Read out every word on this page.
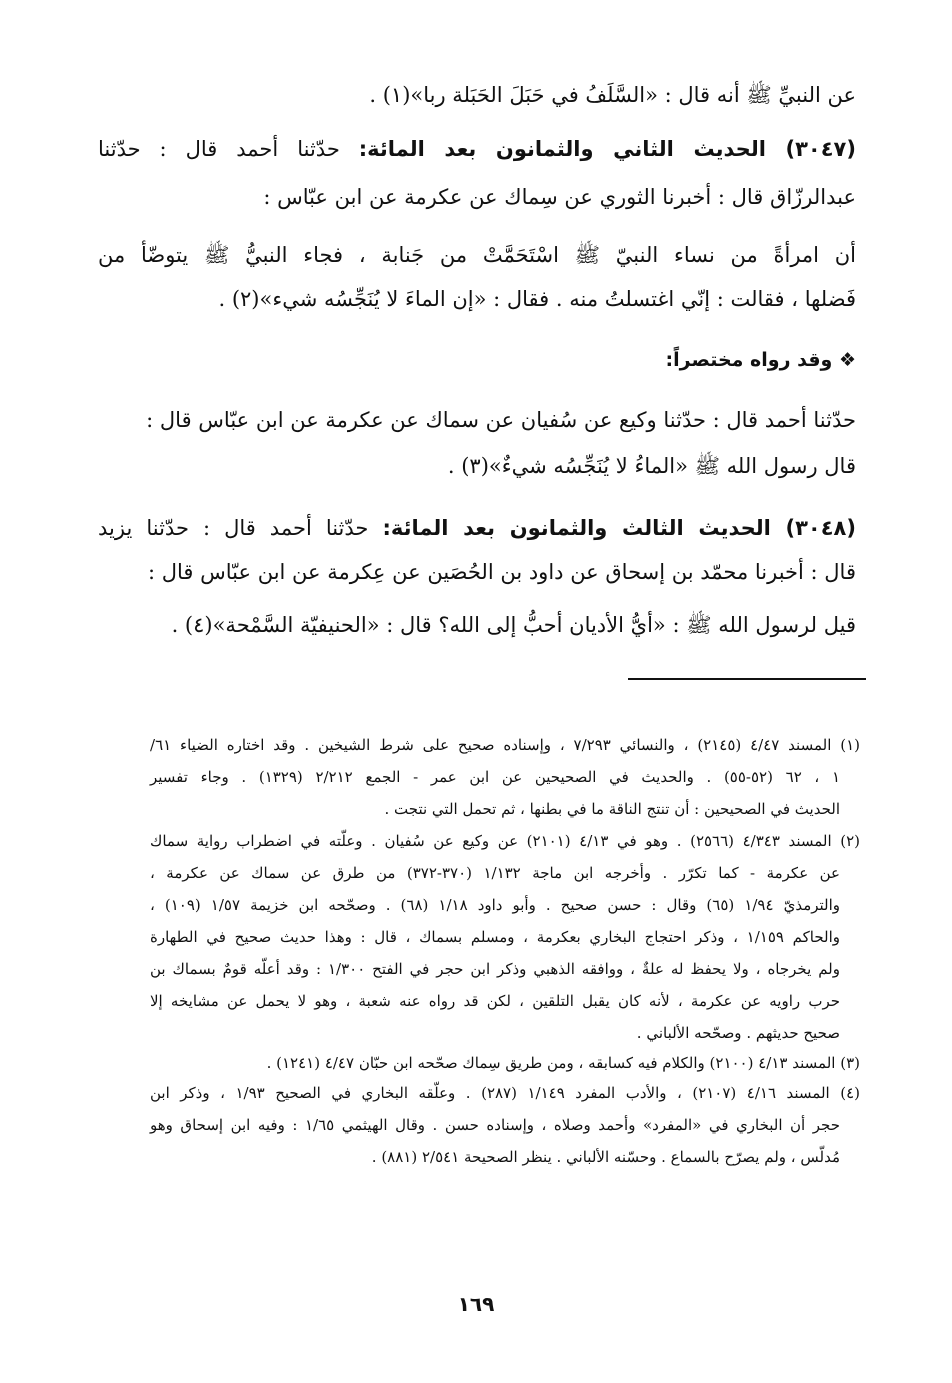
عن النبيِّ ﷺ أنه قال : «السَّلَفُ في حَبَلَ الحَبَلة ربا»(١) .
(٣٠٤٧) الحديث الثاني والثمانون بعد المائة: حدّثنا أحمد قال : حدّثنا
عبدالرزّاق قال : أخبرنا الثوري عن سِماك عن عكرمة عن ابن عبّاس :
أن امرأةً من نساء النبيّ ﷺ اسْتَحَمَّتْ من جَنابة ، فجاء النبيُّ ﷺ يتوضّأ من
فَضلها ، فقالت : إنّي اغتسلتُ منه . فقال : «إن الماءَ لا يُنَجِّسُه شيء»(٢) .
❖ وقد رواه مختصراً:
حدّثنا أحمد قال : حدّثنا وكيع عن سُفيان عن سماك عن عكرمة عن ابن عبّاس قال :
قال رسول الله ﷺ «الماءُ لا يُنَجِّسُه شيءٌ»(٣) .
(٣٠٤٨) الحديث الثالث والثمانون بعد المائة: حدّثنا أحمد قال : حدّثنا يزيد
قال : أخبرنا محمّد بن إسحاق عن داود بن الحُصَين عن عِكرمة عن ابن عبّاس قال :
قيل لرسول الله ﷺ : «أيُّ الأديان أحبُّ إلى الله؟ قال : «الحنيفيّة السَّمْحة»(٤) .
(١) المسند ٤/٤٧ (٢١٤٥) ، والنسائي ٧/٢٩٣ ، وإسناده صحيح على شرط الشيخين . وقد اختاره الضياء ٦١/
١ ، ٦٢ (٥٢-٥٥) . والحديث في الصحيحين عن ابن عمر - الجمع ٢/٢١٢ (١٣٢٩) . وجاء تفسير
الحديث في الصحيحين : أن تنتج الناقة ما في بطنها ، ثم تحمل التي نتجت .
(٢) المسند ٤/٣٤٣ (٢٥٦٦) . وهو في ٤/١٣ (٢١٠١) عن وكيع عن سُفيان . وعلّته في اضطراب رواية سماك
عن عكرمة - كما تكرّر . وأخرجه ابن ماجة ١/١٣٢ (٣٧٠-٣٧٢) من طرق عن سماك عن عكرمة ،
والترمذيّ ١/٩٤ (٦٥) وقال : حسن صحيح . وأبو داود ١/١٨ (٦٨) . وصحّحه ابن خزيمة ١/٥٧ (١٠٩) ،
والحاكم ١/١٥٩ ، وذكر احتجاج البخاري بعكرمة ، ومسلم بسماك ، قال : وهذا حديث صحيح في الطهارة
ولم يخرجاه ، ولا يحفظ له علةٌ ، ووافقه الذهبي وذكر ابن حجر في الفتح ١/٣٠٠ : وقد أعلّه قومٌ بسماك بن
حرب راويه عن عكرمة ، لأنه كان يقبل التلقين ، لكن قد رواه عنه شعبة ، وهو لا يحمل عن مشايخه إلا
صحيح حديثهم . وصحّحه الألباني .
(٣) المسند ٤/١٣ (٢١٠٠) والكلام فيه كسابقه ، ومن طريق سِماك صحّحه ابن حبّان ٤/٤٧ (١٢٤١) .
(٤) المسند ٤/١٦ (٢١٠٧) ، والأدب المفرد ١/١٤٩ (٢٨٧) . وعلّقه البخاري في الصحيح ١/٩٣ ، وذكر ابن
حجر أن البخاري في «المفرد» وأحمد وصلاه ، وإسناده حسن . وقال الهيثمي ١/٦٥ : وفيه ابن إسحاق وهو
مُدلّس ، ولم يصرّح بالسماع . وحسّنه الألباني . ينظر الصحيحة ٢/٥٤١ (٨٨١) .
١٦٩
